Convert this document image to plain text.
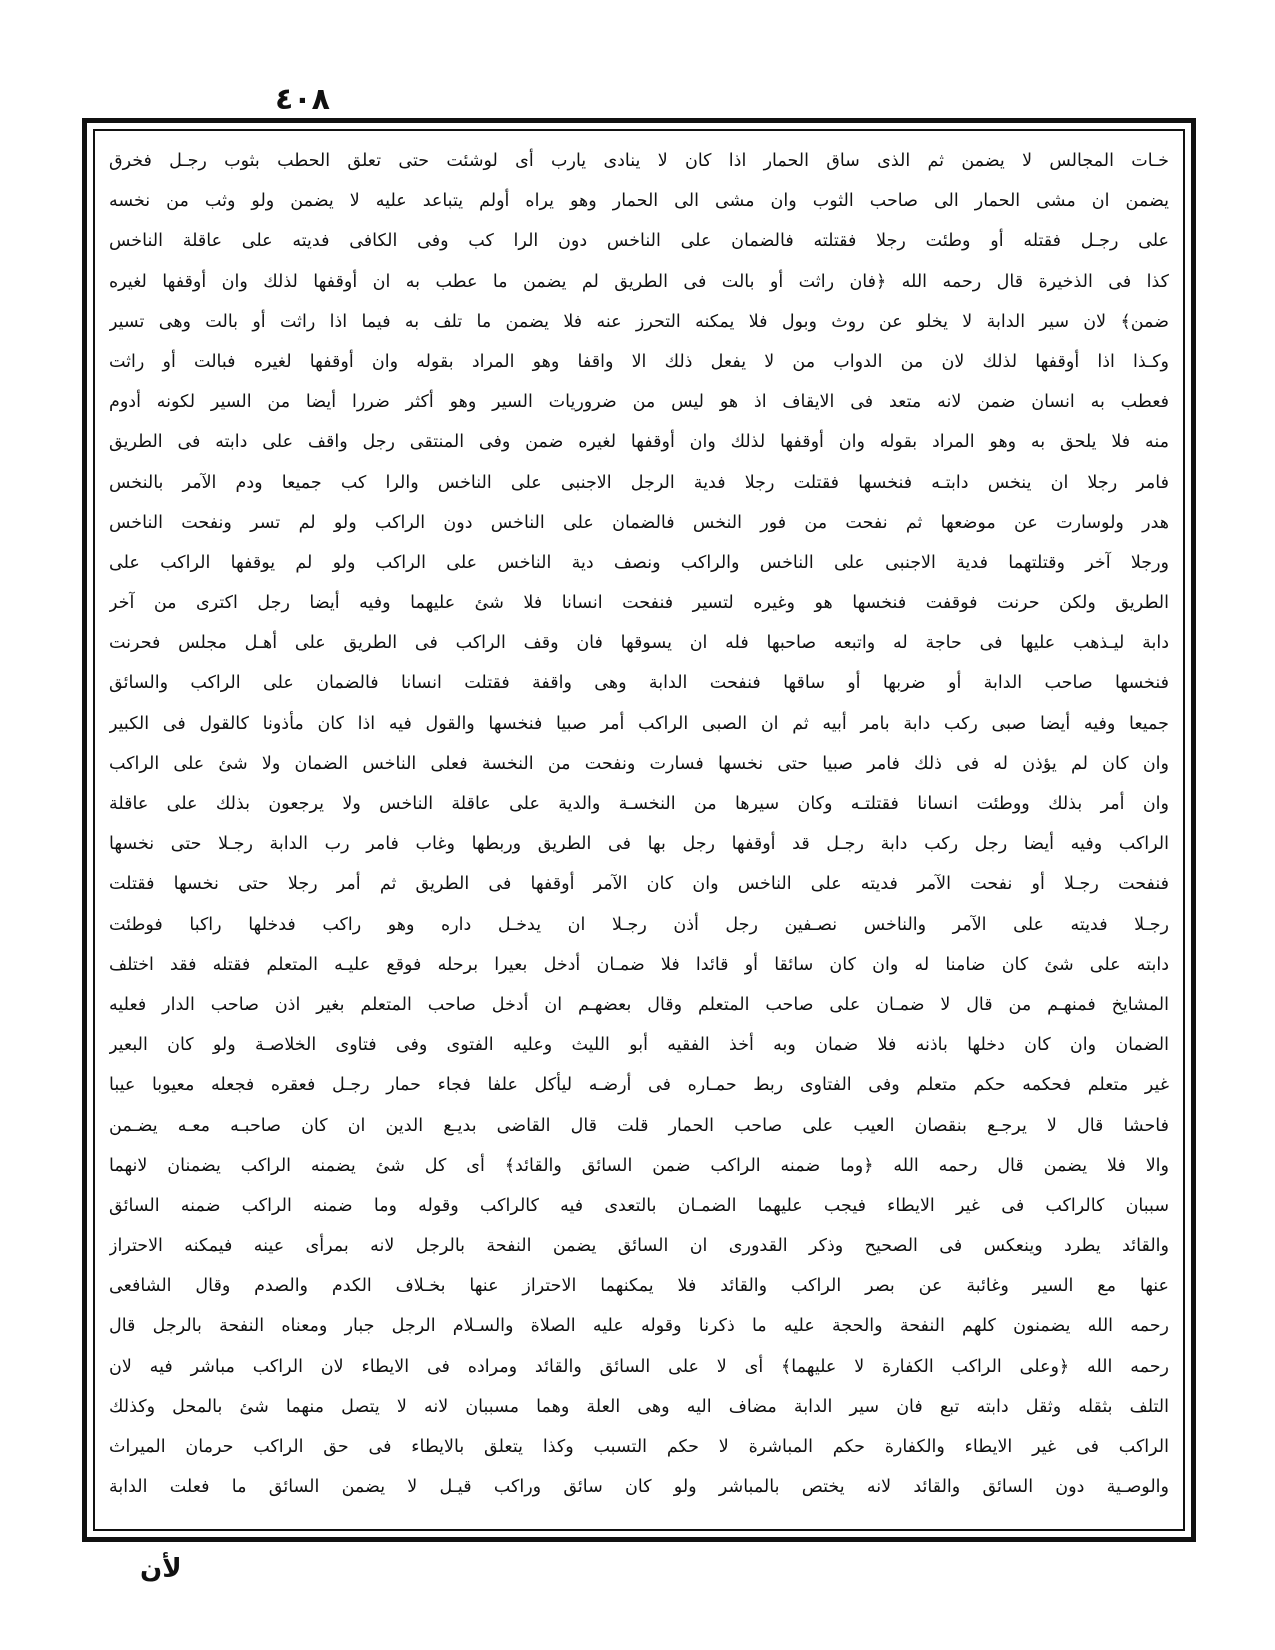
٤٠٨
خـات المجالس لا يضمن ثم الذى ساق الحمار اذا كان لا ينادى يارب أى لوشئت حتى تعلق الحطب بثوب رجـل فخرق
يضمن ان مشى الحمار الى صاحب الثوب وان مشى الى الحمار وهو يراه أولم يتباعد عليه لا يضمن ولو وثب من نخسه
على رجـل فقتله أو وطئت رجلا فقتلته فالضمان على الناخس دون الرا كب وفى الكافى فديته على عاقلة الناخس
كذا فى الذخيرة قال رحمه الله ﴿فان راثت أو بالت فى الطريق لم يضمن ما عطب به ان أوقفها لذلك وان أوقفها لغيره
ضمن﴾ لان سير الدابة لا يخلو عن روث وبول فلا يمكنه التحرز عنه فلا يضمن ما تلف به فيما اذا راثت أو بالت وهى تسير
وكـذا اذا أوقفها لذلك لان من الدواب من لا يفعل ذلك الا واقفا وهو المراد بقوله وان أوقفها لغيره فبالت أو راثت
فعطب به انسان ضمن لانه متعد فى الايقاف اذ هو ليس من ضروريات السير وهو أكثر ضررا أيضا من السير لكونه أدوم
منه فلا يلحق به وهو المراد بقوله وان أوقفها لذلك وان أوقفها لغيره ضمن وفى المنتقى رجل واقف على دابته فى الطريق
فامر رجلا ان ينخس دابتـه فنخسها فقتلت رجلا فدية الرجل الاجنبى على الناخس والرا كب جميعا ودم الآمر بالنخس
هدر ولوسارت عن موضعها ثم نفحت من فور النخس فالضمان على الناخس دون الراكب ولو لم تسر ونفحت الناخس
ورجلا آخر وقتلتهما فدية الاجنبى على الناخس والراكب ونصف دية الناخس على الراكب ولو لم يوقفها الراكب على
الطريق ولكن حرنت فوقفت فنخسها هو وغيره لتسير فنفحت انسانا فلا شئ عليهما وفيه أيضا رجل اكترى من آخر
دابة ليـذهب عليها فى حاجة له واتبعه صاحبها فله ان يسوقها فان وقف الراكب فى الطريق على أهـل مجلس فحرنت
فنخسها صاحب الدابة أو ضربها أو ساقها فنفحت الدابة وهى واقفة فقتلت انسانا فالضمان على الراكب والسائق
جميعا وفيه أيضا صبى ركب دابة بامر أبيه ثم ان الصبى الراكب أمر صبيا فنخسها والقول فيه اذا كان مأذونا كالقول فى الكبير
وان كان لم يؤذن له فى ذلك فامر صبيا حتى نخسها فسارت ونفحت من النخسة فعلى الناخس الضمان ولا شئ على الراكب
وان أمر بذلك ووطئت انسانا فقتلتـه وكان سيرها من النخسـة والدية على عاقلة الناخس ولا يرجعون بذلك على عاقلة
الراكب وفيه أيضا رجل ركب دابة رجـل قد أوقفها رجل بها فى الطريق وربطها وغاب فامر رب الدابة رجـلا حتى نخسها
فنفحت رجـلا أو نفحت الآمر فديته على الناخس وان كان الآمر أوقفها فى الطريق ثم أمر رجلا حتى نخسها فقتلت
رجـلا فديته على الآمر والناخس نصـفين رجل أذن رجـلا ان يدخـل داره وهو راكب فدخلها راكبا فوطئت
دابته على شئ كان ضامنا له وان كان سائقا أو قائدا فلا ضمـان أدخل بعيرا برحله فوقع عليـه المتعلم فقتله فقد اختلف
المشايخ فمنهـم من قال لا ضمـان على صاحب المتعلم وقال بعضهـم ان أدخل صاحب المتعلم بغير اذن صاحب الدار فعليه
الضمان وان كان دخلها باذنه فلا ضمان وبه أخذ الفقيه أبو الليث وعليه الفتوى وفى فتاوى الخلاصـة ولو كان البعير
غير متعلم فحكمه حكم متعلم وفى الفتاوى ربط حمـاره فى أرضـه ليأكل علفا فجاء حمار رجـل فعقره فجعله معيوبا عيبا
فاحشا قال لا يرجـع بنقصان العيب على صاحب الحمار قلت قال القاضى بديـع الدين ان كان صاحبـه معـه يضـمن
والا فلا يضمن قال رحمه الله ﴿وما ضمنه الراكب ضمن السائق والقائد﴾ أى كل شئ يضمنه الراكب يضمنان لانهما
سببان كالراكب فى غير الايطاء فيجب عليهما الضمـان بالتعدى فيه كالراكب وقوله وما ضمنه الراكب ضمنه السائق
والقائد يطرد وينعكس فى الصحيح وذكر القدورى ان السائق يضمن النفحة بالرجل لانه بمرأى عينه فيمكنه الاحتراز
عنها مع السير وغائبة عن بصر الراكب والقائد فلا يمكنهما الاحتراز عنها بخـلاف الكدم والصدم وقال الشافعى
رحمه الله يضمنون كلهم النفحة والحجة عليه ما ذكرنا وقوله عليه الصلاة والسـلام الرجل جبار ومعناه النفحة بالرجل قال
رحمه الله ﴿وعلى الراكب الكفارة لا عليهما﴾ أى لا على السائق والقائد ومراده فى الايطاء لان الراكب مباشر فيه لان
التلف بثقله وثقل دابته تبع فان سير الدابة مضاف اليه وهى العلة وهما مسببان لانه لا يتصل منهما شئ بالمحل وكذلك
الراكب فى غير الايطاء والكفارة حكم المباشرة لا حكم التسبب وكذا يتعلق بالايطاء فى حق الراكب حرمان الميراث
والوصـية دون السائق والقائد لانه يختص بالمباشر ولو كان سائق وراكب قيـل لا يضمن السائق ما فعلت الدابة
لأن
